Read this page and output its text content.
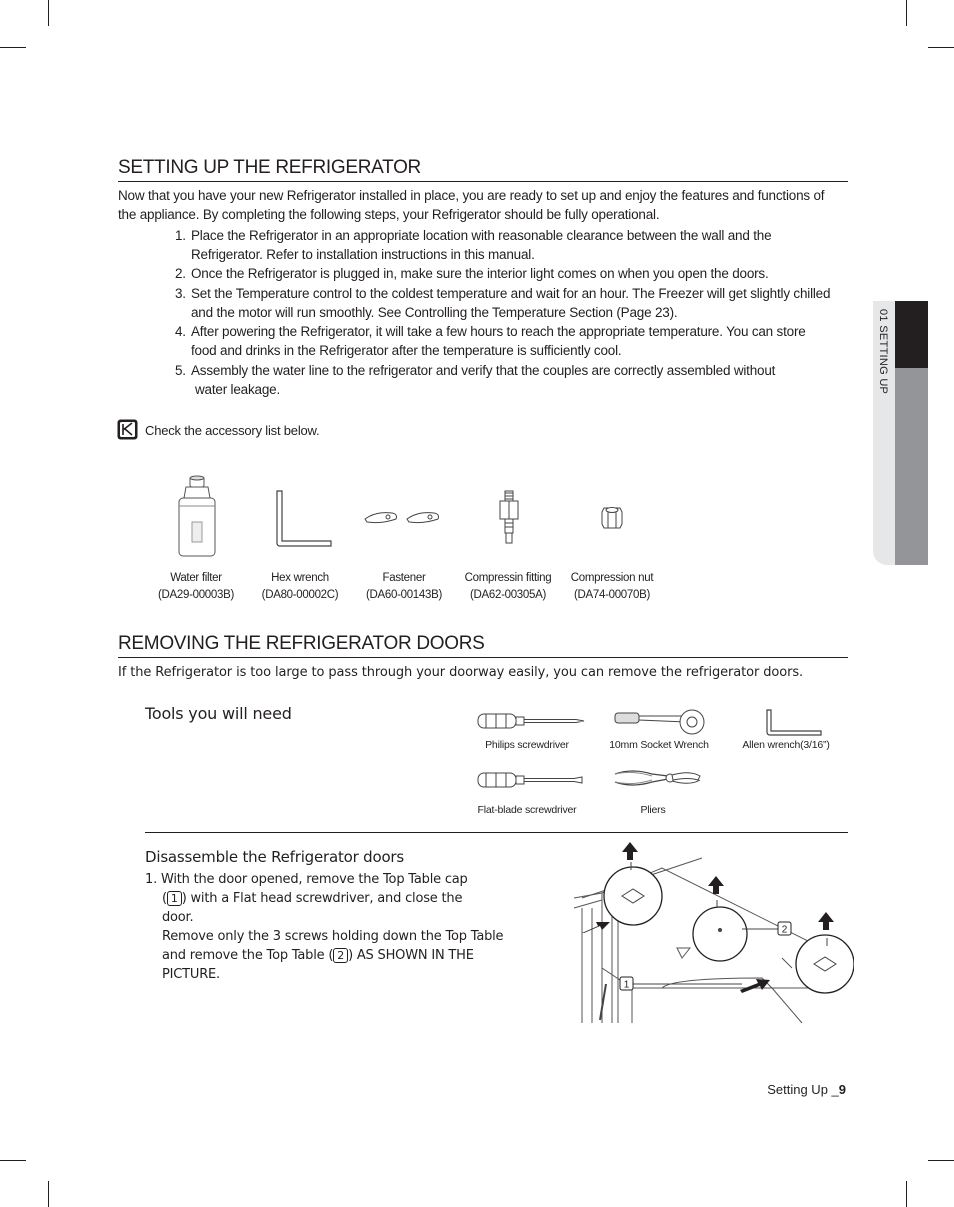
01 SETTING UP
SETTING UP THE REFRIGERATOR
Now that you have your new Refrigerator installed in place, you are ready to set up and enjoy the features and functions of
the appliance. By completing the following steps, your Refrigerator should be fully operational.
1. Place the Refrigerator in an appropriate location with reasonable clearance between the wall and the
Refrigerator. Refer to installation instructions in this manual.
2. Once the Refrigerator is plugged in, make sure the interior light comes on when you open the doors.
3. Set the Temperature control to the coldest temperature and wait for an hour. The Freezer will get slightly chilled
and the motor will run smoothly. See Controlling the Temperature Section (Page 23).
4. After powering the Refrigerator, it will take a few hours to reach the appropriate temperature. You can store
food and drinks in the Refrigerator after the temperature is sufficiently cool.
5. Assembly the water line to the refrigerator and verify that the couples are correctly assembled without
water leakage.
Check the accessory list below.
Water filter
(DA29-00003B)
Hex wrench
(DA80-00002C)
Fastener
(DA60-00143B)
Compressin fitting
(DA62-00305A)
Compression nut
(DA74-00070B)
REMOVING THE REFRIGERATOR DOORS
If the Refrigerator is too large to pass through your doorway easily, you can remove the refrigerator doors.
Tools you will need
Philips screwdriver	10mm Socket Wrench	Allen wrench(3/16”)
Flat-blade screwdriver	Pliers
Disassemble the Refrigerator doors
1. With the door opened, remove the Top Table cap
( 1 ) with a Flat head screwdriver, and close the
door.
Remove only the 3 screws holding down the Top Table
and remove the Top Table ( 2 ) AS SHOWN IN THE
PICTURE.
1
2
Setting Up _9
